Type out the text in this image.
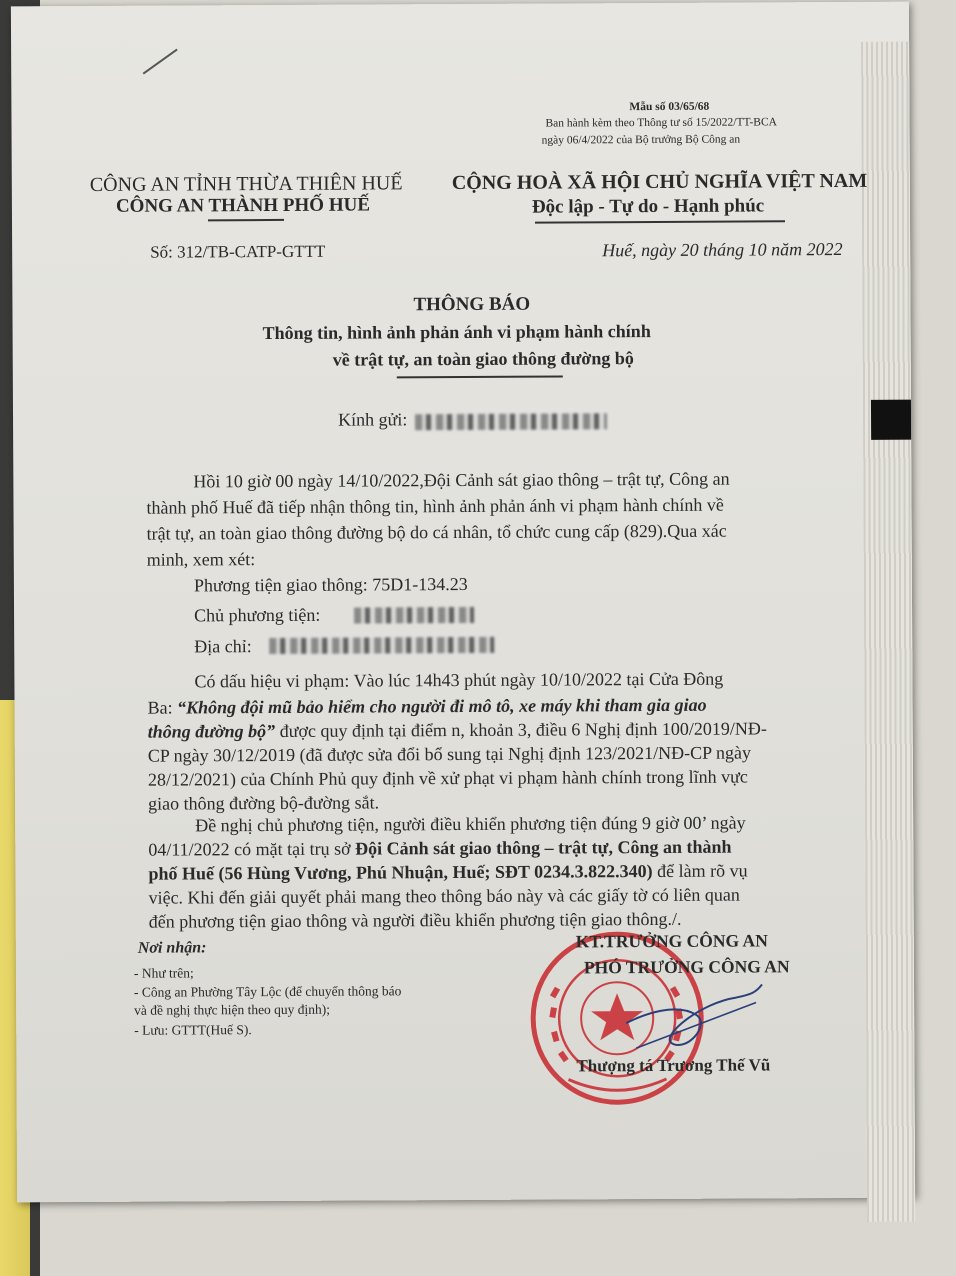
Mẫu số 03/65/68
Ban hành kèm theo Thông tư số 15/2022/TT-BCA
ngày 06/4/2022 của Bộ trưởng Bộ Công an
CÔNG AN TỈNH THỪA THIÊN HUẾ
CÔNG AN THÀNH PHỐ HUẾ
CỘNG HOÀ XÃ HỘI CHỦ NGHĨA VIỆT NAM
Độc lập - Tự do - Hạnh phúc
Số: 312/TB-CATP-GTTT	Huế, ngày 20 tháng 10 năm 2022
THÔNG BÁO
Thông tin, hình ảnh phản ánh vi phạm hành chính
về trật tự, an toàn giao thông đường bộ
Kính gửi:
Hồi 10 giờ 00 ngày 14/10/2022,Đội Cảnh sát giao thông – trật tự, Công an
thành phố Huế đã tiếp nhận thông tin, hình ảnh phản ánh vi phạm hành chính về
trật tự, an toàn giao thông đường bộ do cá nhân, tổ chức cung cấp (829).Qua xác
minh, xem xét:
Phương tiện giao thông: 75D1-134.23
Chủ phương tiện:
Địa chỉ:
Có dấu hiệu vi phạm: Vào lúc 14h43 phút ngày 10/10/2022 tại Cửa Đông
Ba: “Không đội mũ bảo hiểm cho người đi mô tô, xe máy khi tham gia giao
thông đường bộ” được quy định tại điểm n, khoản 3, điều 6 Nghị định 100/2019/NĐ-
CP ngày 30/12/2019 (đã được sửa đổi bổ sung tại Nghị định 123/2021/NĐ-CP ngày
28/12/2021) của Chính Phủ quy định về xử phạt vi phạm hành chính trong lĩnh vực
giao thông đường bộ-đường sắt.
Đề nghị chủ phương tiện, người điều khiển phương tiện đúng 9 giờ 00’ ngày
04/11/2022 có mặt tại trụ sở Đội Cảnh sát giao thông – trật tự, Công an thành
phố Huế (56 Hùng Vương, Phú Nhuận, Huế; SĐT 0234.3.822.340) để làm rõ vụ
việc. Khi đến giải quyết phải mang theo thông báo này và các giấy tờ có liên quan
đến phương tiện giao thông và người điều khiển phương tiện giao thông./.
Nơi nhận:
- Như trên;
- Công an Phường Tây Lộc (để chuyển thông báo
và đề nghị thực hiện theo quy định);
- Lưu: GTTT(Huế S).
KT.TRƯỞNG CÔNG AN
PHÓ TRƯỞNG CÔNG AN
Thượng tá Trương Thế Vũ
